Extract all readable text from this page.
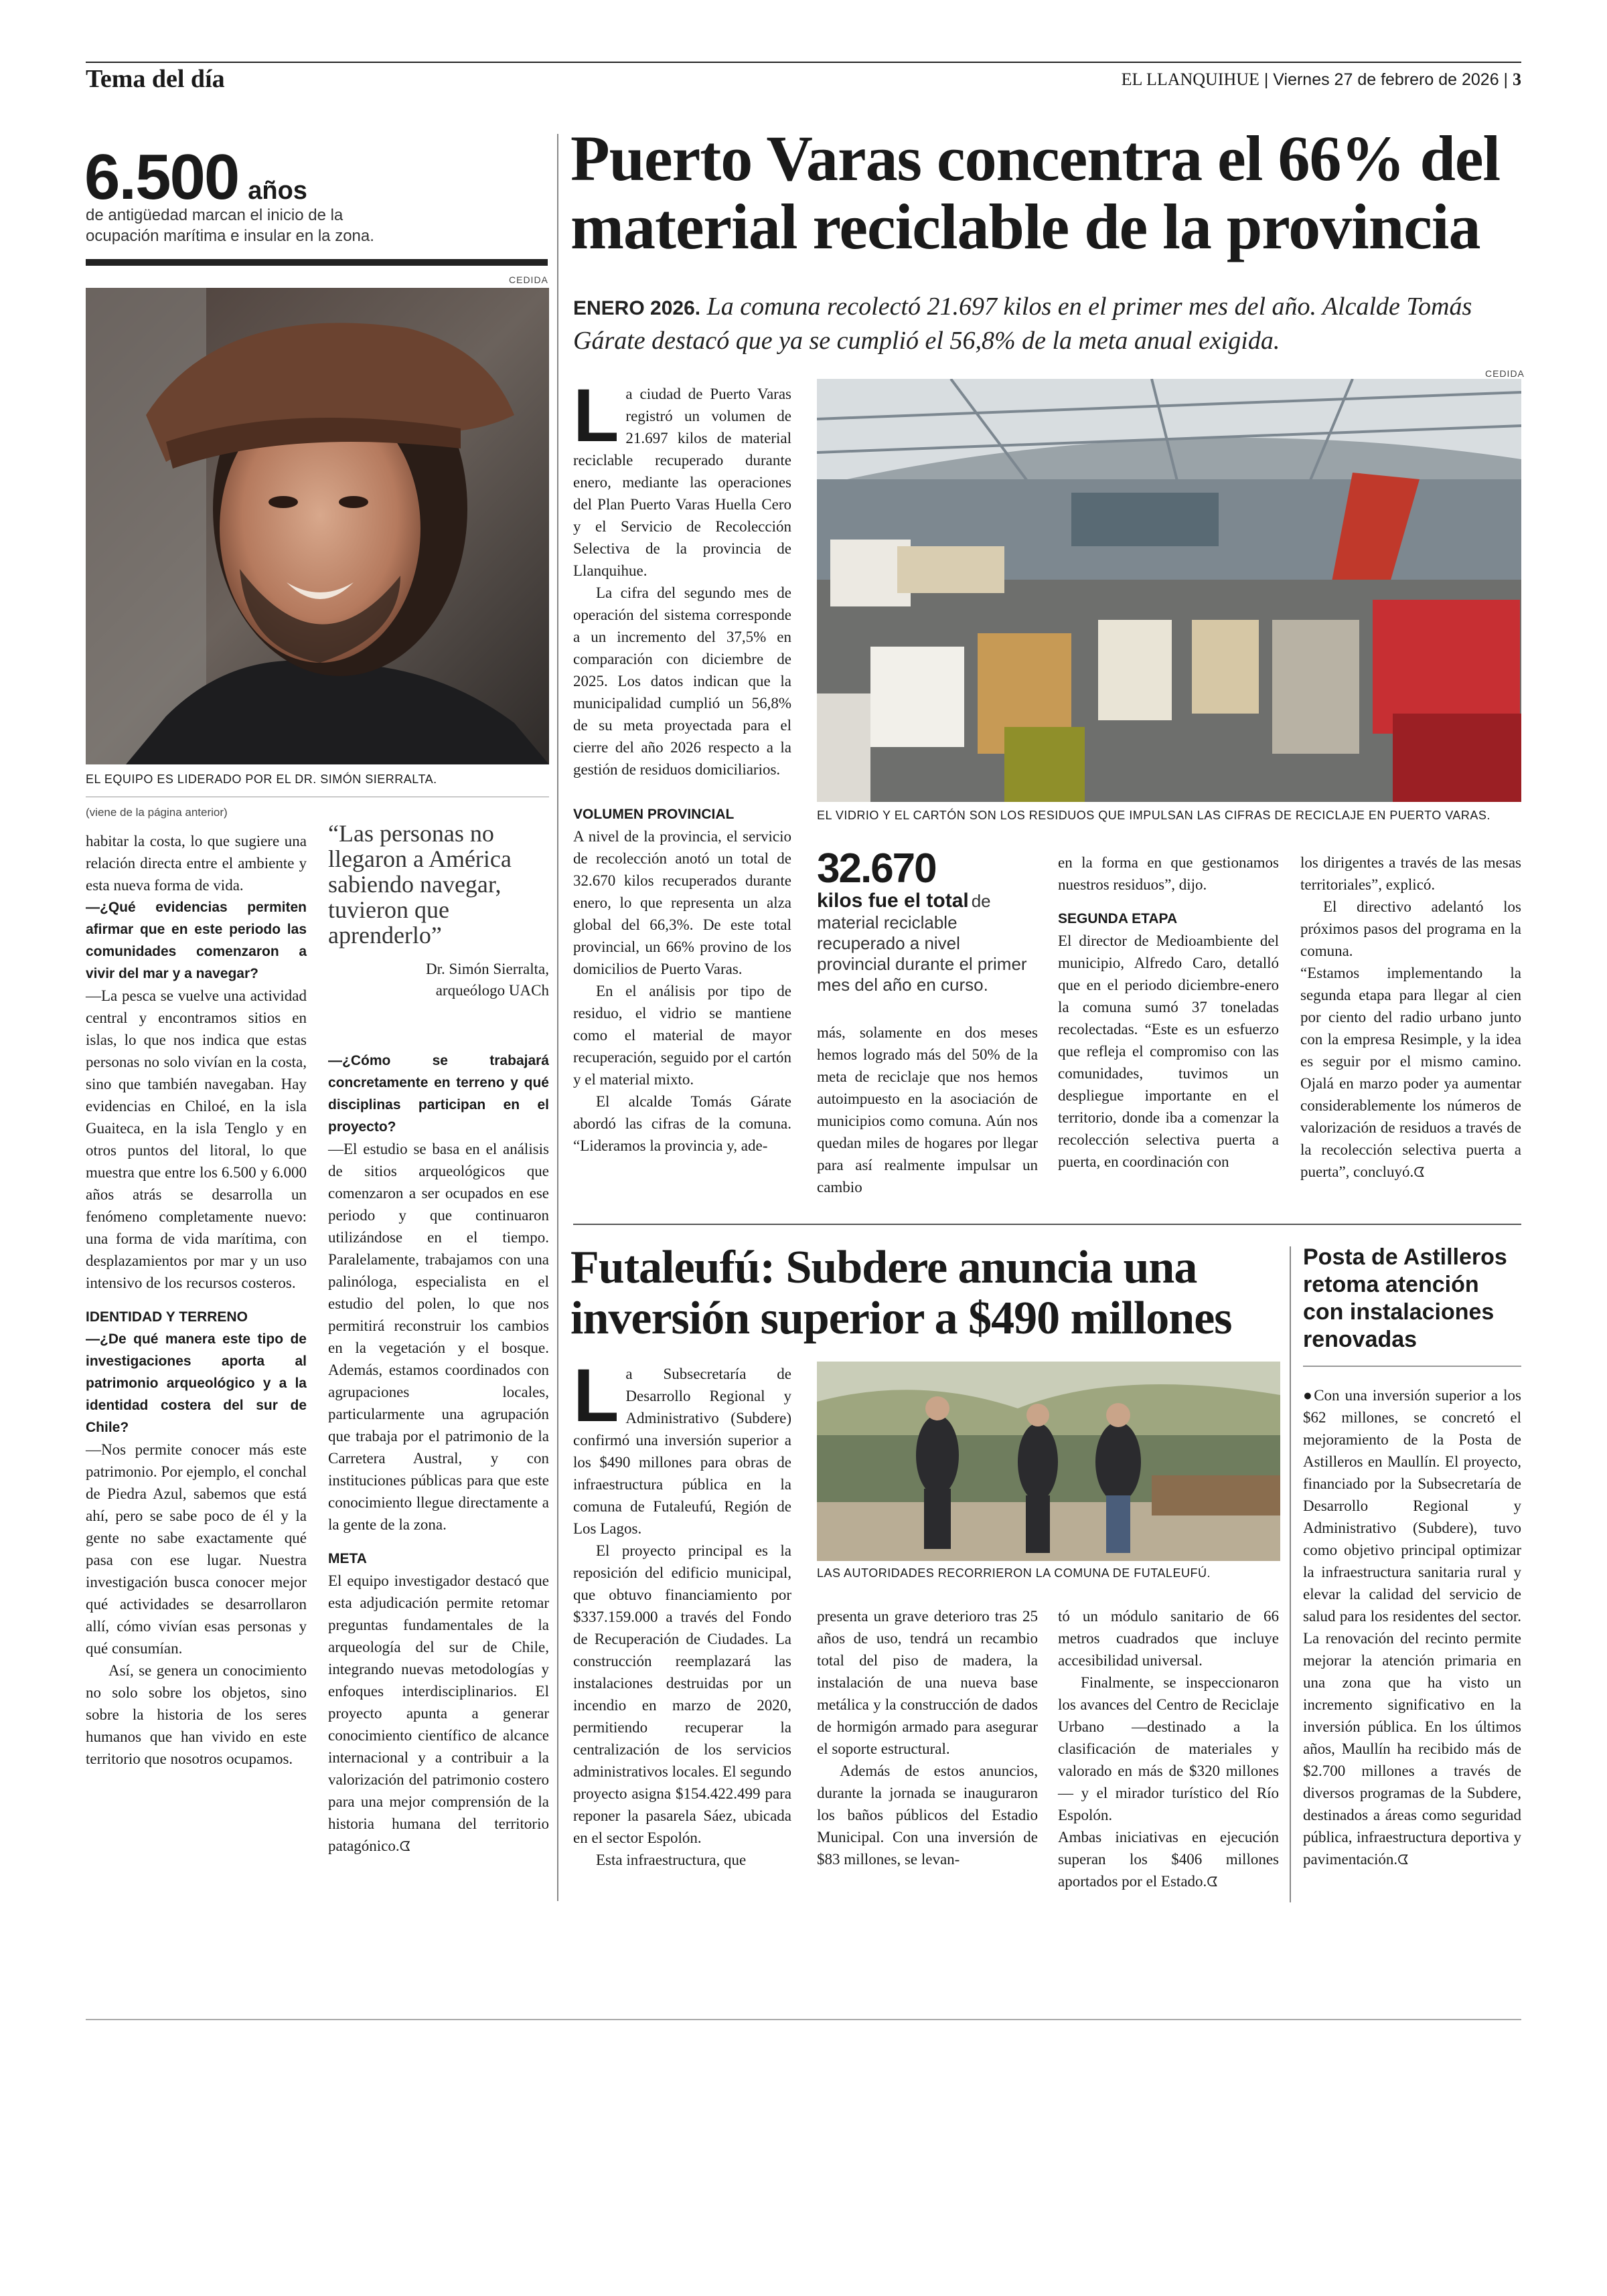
Tema del día	EL LLANQUIHUE | Viernes 27 de febrero de 2026 | 3
6.500 años
de antigüedad marcan el inicio de la ocupación marítima e insular en la zona.
CEDIDA
EL EQUIPO ES LIDERADO POR EL DR. SIMÓN SIERRALTA.
(viene de la página anterior)

habitar la costa, lo que sugiere una relación directa entre el ambiente y esta nueva forma de vida.

—¿Qué evidencias permiten afirmar que en este periodo las comunidades comenzaron a vivir del mar y a navegar?

—La pesca se vuelve una actividad central y encontramos sitios en islas, lo que nos indica que estas personas no solo vivían en la costa, sino que también navegaban. Hay evidencias en Chiloé, en la isla Guaiteca, en la isla Tenglo y en otros puntos del litoral, lo que muestra que entre los 6.500 y 6.000 años atrás se desarrolla un fenómeno completamente nuevo: una forma de vida marítima, con desplazamientos por mar y un uso intensivo de los recursos costeros.

IDENTIDAD Y TERRENO

—¿De qué manera este tipo de investigaciones aporta al patrimonio arqueológico y a la identidad costera del sur de Chile?

—Nos permite conocer más este patrimonio. Por ejemplo, el conchal de Piedra Azul, sabemos que está ahí, pero se sabe poco de él y la gente no sabe exactamente qué pasa con ese lugar. Nuestra investigación busca conocer mejor qué actividades se desarrollaron allí, cómo vivían esas personas y qué consumían.

Así, se genera un conocimiento no solo sobre los objetos, sino sobre la historia de los seres humanos que han vivido en este territorio que nosotros ocupamos.

“Las personas no llegaron a América sabiendo navegar, tuvieron que aprenderlo”
Dr. Simón Sierralta,
arqueólogo UACh

—¿Cómo se trabajará concretamente en terreno y qué disciplinas participan en el proyecto?

—El estudio se basa en el análisis de sitios arqueológicos que comenzaron a ser ocupados en ese periodo y que continuaron utilizándose en el tiempo. Paralelamente, trabajamos con una palinóloga, especialista en el estudio del polen, lo que nos permitirá reconstruir los cambios en la vegetación y el bosque. Además, estamos coordinados con agrupaciones locales, particularmente una agrupación que trabaja por el patrimonio de la Carretera Austral, y con instituciones públicas para que este conocimiento llegue directamente a la gente de la zona.

META

El equipo investigador destacó que esta adjudicación permite retomar preguntas fundamentales de la arqueología del sur de Chile, integrando nuevas metodologías y enfoques interdisciplinarios. El proyecto apunta a generar conocimiento científico de alcance internacional y a contribuir a la valorización del patrimonio costero para una mejor comprensión de la historia humana del territorio patagónico.

ᗧ
Puerto Varas concentra el 66% del material reciclable de la provincia
ENERO 2026. La comuna recolectó 21.697 kilos en el primer mes del año. Alcalde Tomás Gárate destacó que ya se cumplió el 56,8% de la meta anual exigida.

La ciudad de Puerto Varas registró un volumen de 21.697 kilos de material reciclable recuperado durante enero, mediante las operaciones del Plan Puerto Varas Huella Cero y el Servicio de Recolección Selectiva de la provincia de Llanquihue.

La cifra del segundo mes de operación del sistema corresponde a un incremento del 37,5% en comparación con diciembre de 2025. Los datos indican que la municipalidad cumplió un 56,8% de su meta proyectada para el cierre del año 2026 respecto a la gestión de residuos domiciliarios.

VOLUMEN PROVINCIAL

A nivel de la provincia, el servicio de recolección anotó un total de 32.670 kilos recuperados durante enero, lo que representa un alza global del 66,3%. De este total provincial, un 66% provino de los domicilios de Puerto Varas.

En el análisis por tipo de residuo, el vidrio se mantiene como el material de mayor recuperación, seguido por el cartón y el material mixto.

El alcalde Tomás Gárate abordó las cifras de la comuna. “Lideramos la provincia y, ade-

CEDIDA
EL VIDRIO Y EL CARTÓN SON LOS RESIDUOS QUE IMPULSAN LAS CIFRAS DE RECICLAJE EN PUERTO VARAS.
32.670
kilos fue el total de
material reciclable recuperado a nivel provincial durante el primer mes del año en curso.

más, solamente en dos meses hemos logrado más del 50% de la meta de reciclaje que nos hemos autoimpuesto en la asociación de municipios como comuna. Aún nos quedan miles de hogares por llegar para así realmente impulsar un cambio

en la forma en que gestionamos nuestros residuos”, dijo.

SEGUNDA ETAPA

El director de Medioambiente del municipio, Alfredo Caro, detalló que en el periodo diciembre-enero la comuna sumó 37 toneladas recolectadas. “Este es un esfuerzo que refleja el compromiso con las comunidades, tuvimos un despliegue importante en el territorio, donde iba a comenzar la recolección selectiva puerta a puerta, en coordinación con

los dirigentes a través de las mesas territoriales”, explicó.

El directivo adelantó los próximos pasos del programa en la comuna.

“Estamos implementando la segunda etapa para llegar al cien por ciento del radio urbano junto con la empresa Resimple, y la idea es seguir por el mismo camino. Ojalá en marzo poder ya aumentar considerablemente los números de valorización de residuos a través de la recolección selectiva puerta a puerta”, concluyó.

ᗧ
Futaleufú: Subdere anuncia una inversión superior a $490 millones

La Subsecretaría de Desarrollo Regional y Administrativo (Subdere) confirmó una inversión superior a los $490 millones para obras de infraestructura pública en la comuna de Futaleufú, Región de Los Lagos.

El proyecto principal es la reposición del edificio municipal, que obtuvo financiamiento por $337.159.000 a través del Fondo de Recuperación de Ciudades. La construcción reemplazará las instalaciones destruidas por un incendio en marzo de 2020, permitiendo recuperar la centralización de los servicios administrativos locales. El segundo proyecto asigna $154.422.499 para reponer la pasarela Sáez, ubicada en el sector Espolón.

Esta infraestructura, que

LAS AUTORIDADES RECORRIERON LA COMUNA DE FUTALEUFÚ.

presenta un grave deterioro tras 25 años de uso, tendrá un recambio total del piso de madera, la instalación de una nueva base metálica y la construcción de dados de hormigón armado para asegurar el soporte estructural.

Además de estos anuncios, durante la jornada se inauguraron los baños públicos del Estadio Municipal. Con una inversión de $83 millones, se levan-

tó un módulo sanitario de 66 metros cuadrados que incluye accesibilidad universal.

Finalmente, se inspeccionaron los avances del Centro de Reciclaje Urbano —destinado a la clasificación de materiales y valorado en más de $320 millones— y el mirador turístico del Río Espolón.

Ambas iniciativas en ejecución superan los $406 millones aportados por el Estado.

ᗧ
Posta de Astilleros retoma atención con instalaciones renovadas

●Con una inversión superior a los $62 millones, se concretó el mejoramiento de la Posta de Astilleros en Maullín. El proyecto, financiado por la Subsecretaría de Desarrollo Regional y Administrativo (Subdere), tuvo como objetivo principal optimizar la infraestructura sanitaria rural y elevar la calidad del servicio de salud para los residentes del sector. La renovación del recinto permite mejorar la atención primaria en una zona que ha visto un incremento significativo en la inversión pública. En los últimos años, Maullín ha recibido más de $2.700 millones a través de diversos programas de la Subdere, destinados a áreas como seguridad pública, infraestructura deportiva y pavimentación.

ᗧ
